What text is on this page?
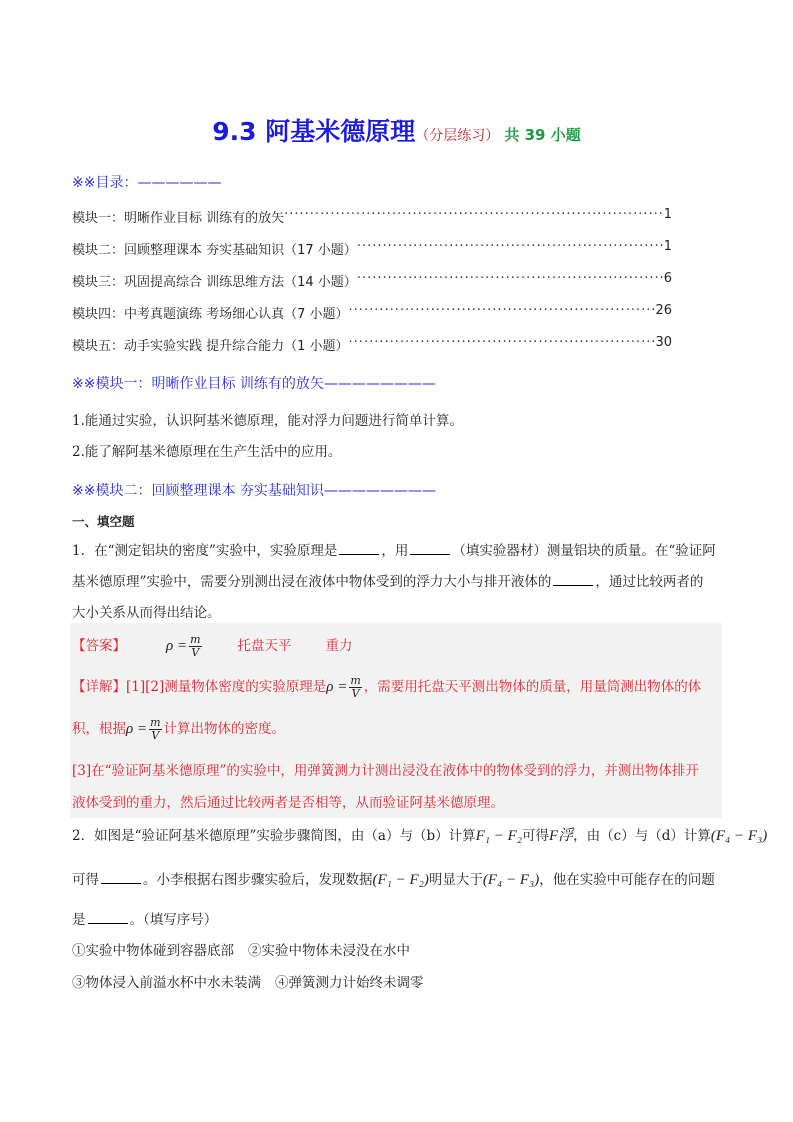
9.3 阿基米德原理（分层练习） 共 39 小题
※※目录：——————
模块一：明晰作业目标 训练有的放矢 ·····	1
模块二：回顾整理课本 夯实基础知识（17 小题） ·····	1
模块三：巩固提高综合 训练思维方法（14 小题） ·····	6
模块四：中考真题演练 考场细心认真（7 小题） ·····	26
模块五：动手实验实践 提升综合能力（1 小题） ·····	30
※※模块一：明晰作业目标 训练有的放矢————————
1.能通过实验，认识阿基米德原理，能对浮力问题进行简单计算。
2.能了解阿基米德原理在生产生活中的应用。
※※模块二：回顾整理课本 夯实基础知识————————
一、填空题
1．在“测定铝块的密度”实验中，实验原理是	，用	（填实验器材）测量铝块的质量。在“验证阿
基米德原理”实验中，需要分别测出浸在液体中物体受到的浮力大小与排开液体的	，通过比较两者的
大小关系从而得出结论。
【答案】	$\rho = \frac{m}{V}$	托盘天平	重力
【详解】[1][2]测量物体密度的实验原理是$\rho = \frac{m}{V}$ ，需要用托盘天平测出物体的质量，用量筒测出物体的体
积，根据$\rho = \frac{m}{V}$ 计算出物体的密度。
[3]在“验证阿基米德原理”的实验中，用弹簧测力计测出浸没在液体中的物体受到的浮力，并测出物体排开
液体受到的重力，然后通过比较两者是否相等，从而验证阿基米德原理。
2．如图是“验证阿基米德原理”实验步骤简图，由（a）与（b）计算F₁ − F₂可得F浮，由（c）与（d）计算(F₄ − F₃)
可得	。小李根据右图步骤实验后，发现数据(F₁ − F₂)明显大于(F₄ − F₃)，他在实验中可能存在的问题
是	。（填写序号）
①实验中物体碰到容器底部 ②实验中物体未浸没在水中
③物体浸入前溢水杯中水未装满 ④弹簧测力计始终未调零
